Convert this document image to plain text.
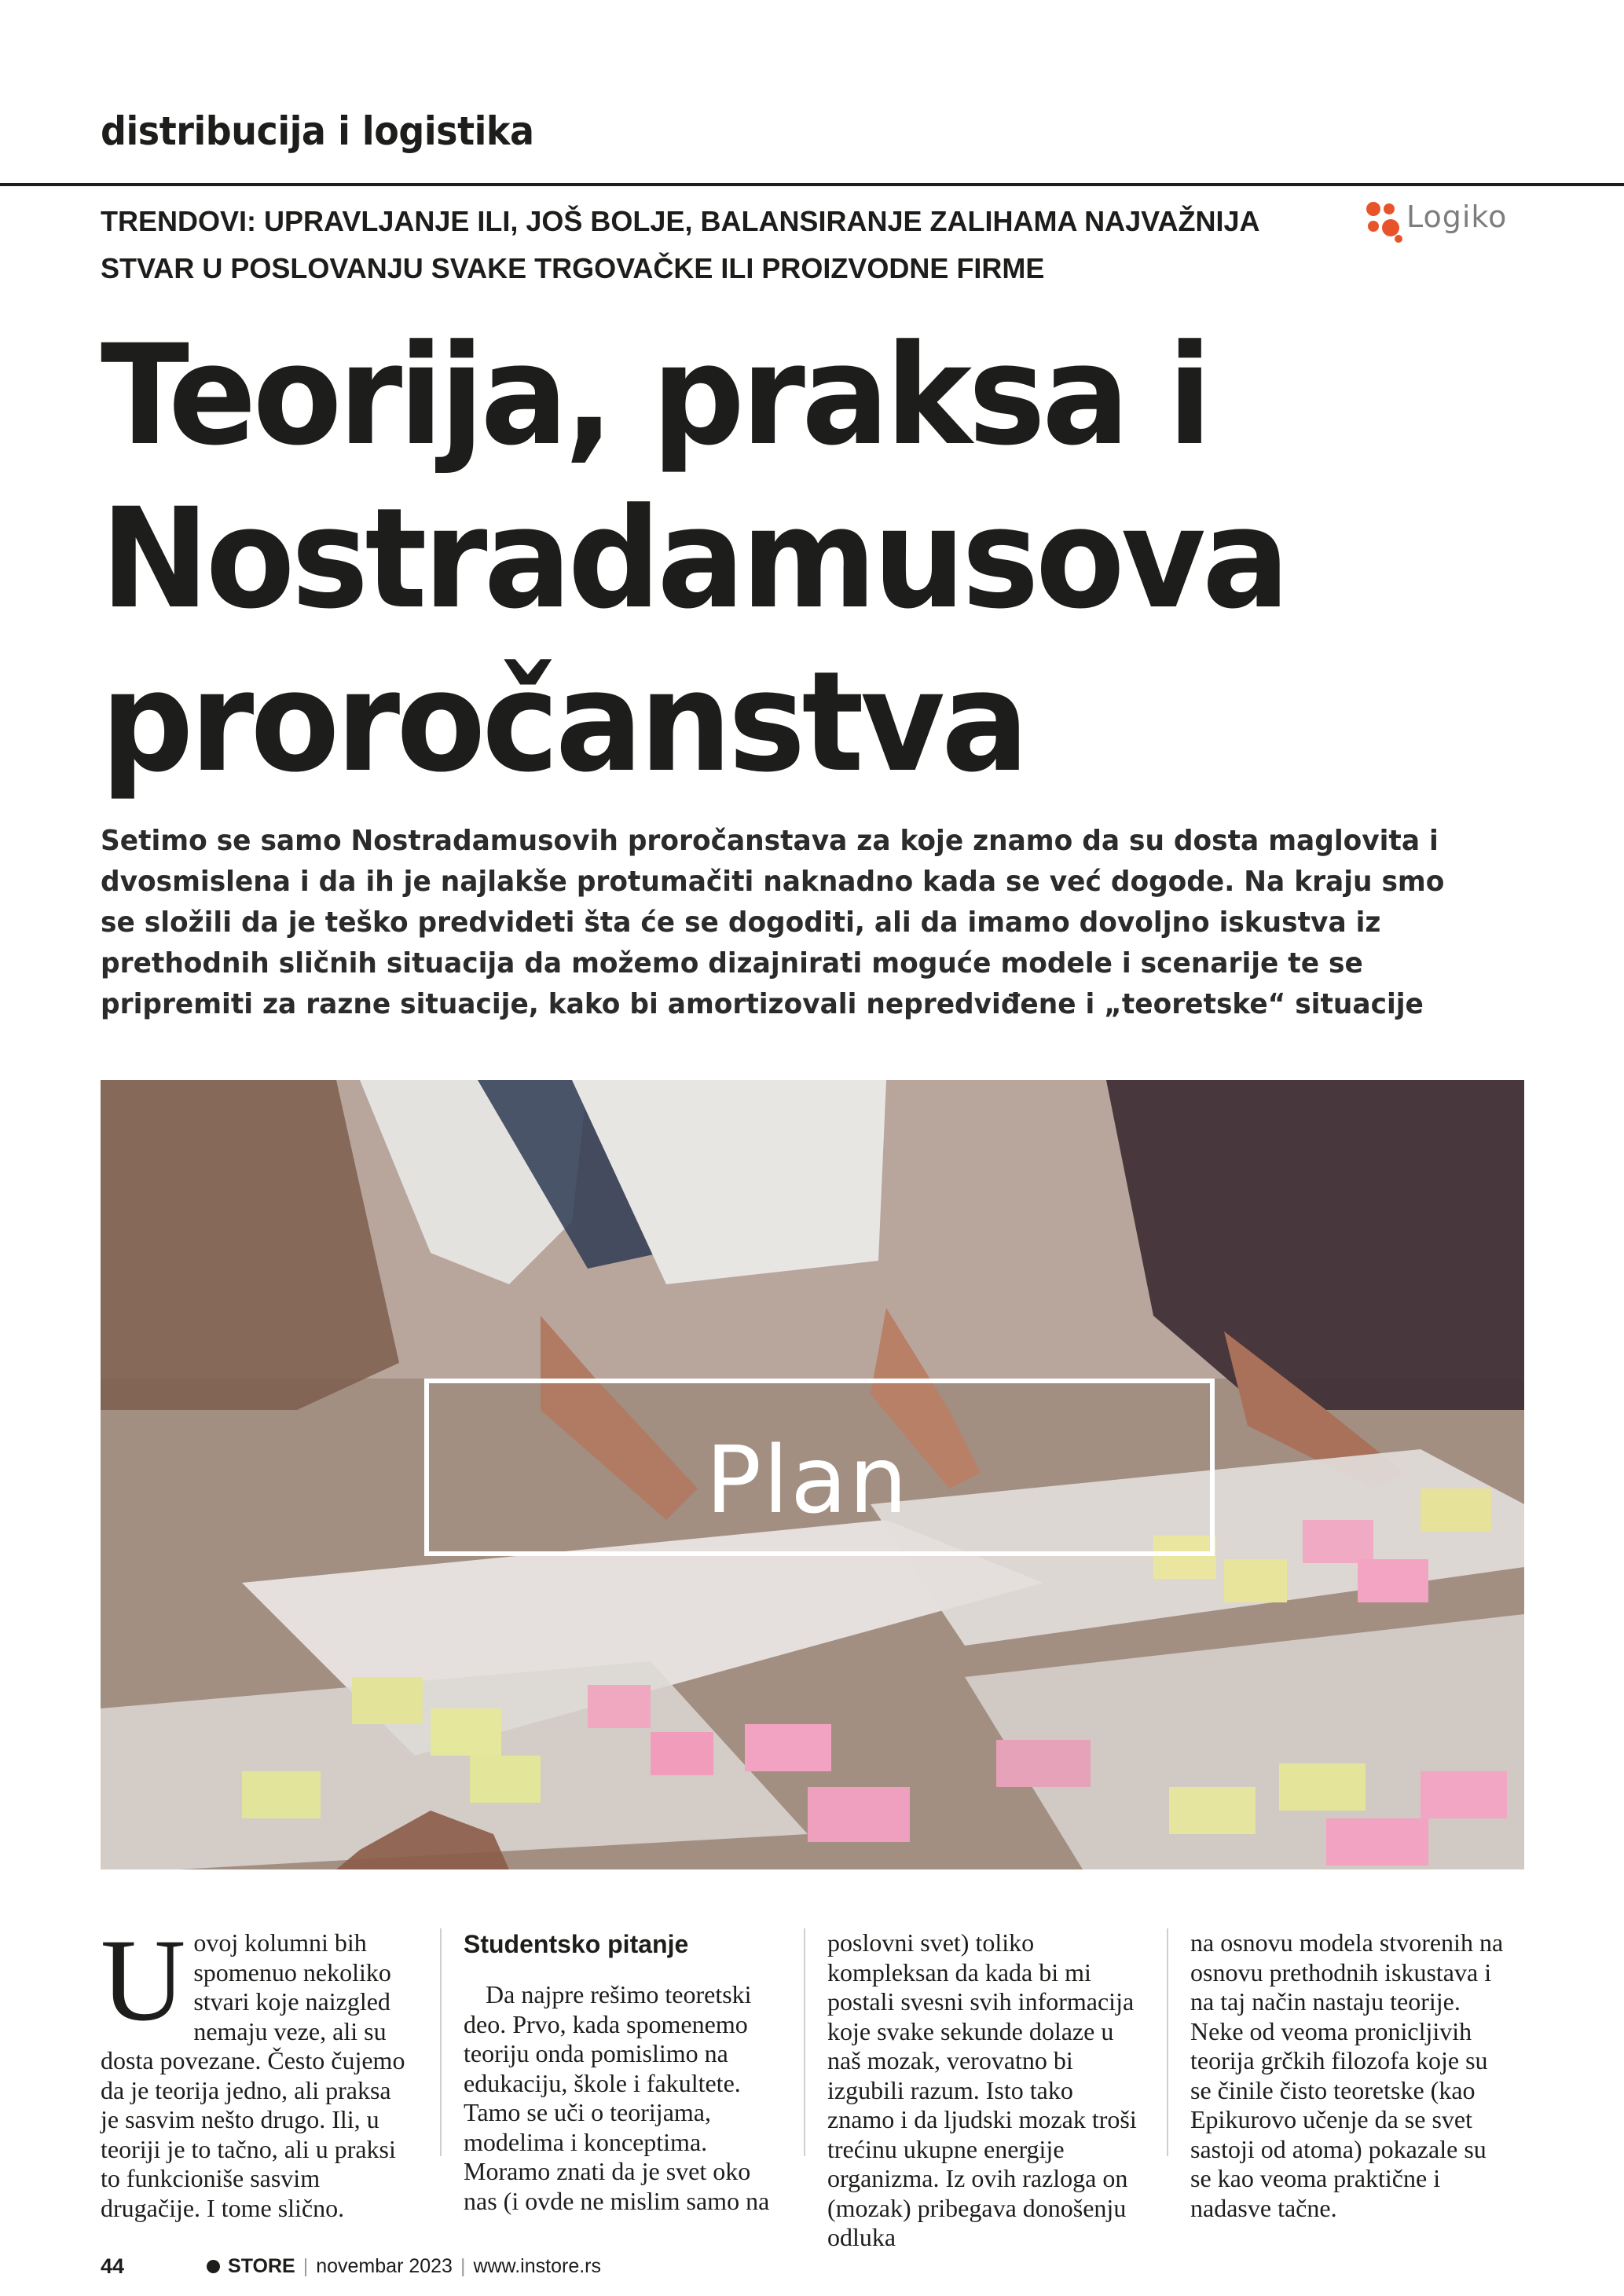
distribucija i logistika
TRENDOVI: UPRAVLJANJE ILI, JOŠ BOLJE, BALANSIRANJE ZALIHAMA NAJVAŽNIJA STVAR U POSLOVANJU SVAKE TRGOVAČKE ILI PROIZVODNE FIRME
Logiko
Teorija, praksa i
Nostradamusova
proročanstva
Setimo se samo Nostradamusovih proročanstava za koje znamo da su dosta maglovita i dvosmislena i da ih je najlakše protumačiti naknadno kada se već dogode. Na kraju smo se složili da je teško predvideti šta će se dogoditi, ali da imamo dovoljno iskustva iz prethodnih sličnih situacija da možemo dizajnirati moguće modele i scenarije te se pripremiti za razne situacije, kako bi amortizovali nepredviđene i „teoretske“ situacije
Plan
U ovoj kolumni bih spomenuo nekoliko stvari koje naizgled nemaju veze, ali su dosta povezane. Često čujemo da je teorija jedno, ali praksa je sasvim nešto drugo. Ili, u teoriji je to tačno, ali u praksi to funkcioniše sasvim drugačije. I tome slično.

Studentsko pitanje

Da najpre rešimo teoretski deo. Prvo, kada spomenemo teoriju onda pomislimo na edukaciju, škole i fakultete. Tamo se uči o teorijama, modelima i konceptima. Moramo znati da je svet oko nas (i ovde ne mislim samo na

poslovni svet) toliko kompleksan da kada bi mi postali svesni svih informacija koje svake sekunde dolaze u naš mozak, verovatno bi izgubili razum. Isto tako znamo i da ljudski mozak troši trećinu ukupne energije organizma. Iz ovih razloga on (mozak) pribegava donošenju odluka

na osnovu modela stvorenih na osnovu prethodnih iskustava i na taj način nastaju teorije. Neke od veoma pronicljivih teorija grčkih filozofa koje su se činile čisto teoretske (kao Epikurovo učenje da se svet sastoji od atoma) pokazale su se kao veoma praktične i nadasve tačne.

44	STORE | novembar 2023 | www.instore.rs
